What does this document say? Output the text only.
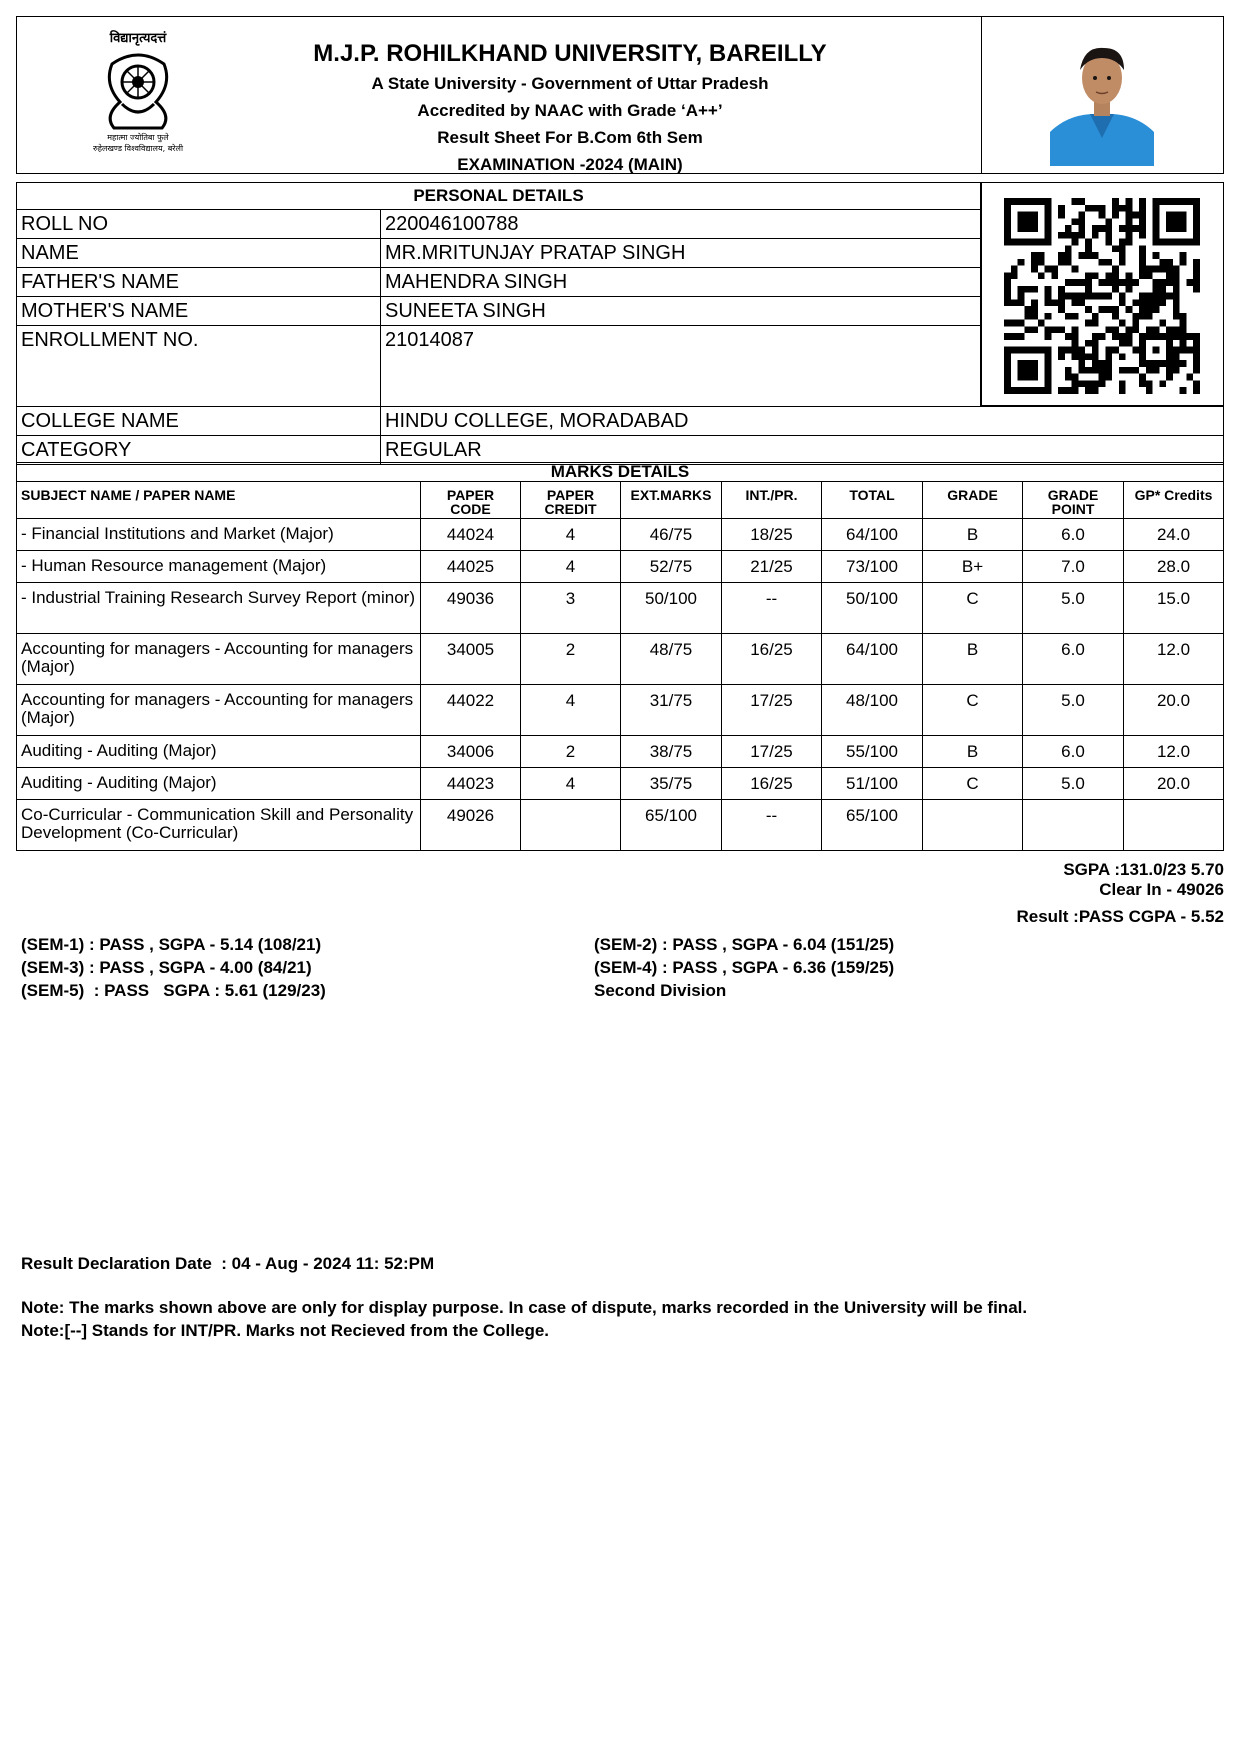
विद्यानृत्यदत्तं
महात्मा ज्योतिबा फुले
रुहेलखण्ड विश्वविद्यालय, बरेली
M.J.P. ROHILKHAND UNIVERSITY, BAREILLY
A State University - Government of Uttar Pradesh
Accredited by NAAC with Grade ‘A++’
Result Sheet For B.Com 6th Sem
EXAMINATION -2024 (MAIN)
PERSONAL DETAILS	
ROLL NO	220046100788
NAME	MR.MRITUNJAY PRATAP SINGH
FATHER'S NAME	MAHENDRA SINGH
MOTHER'S NAME	SUNEETA SINGH
ENROLLMENT NO.	21014087
COLLEGE NAME	HINDU COLLEGE, MORADABAD
CATEGORY	REGULAR
MARKS DETAILS								
SUBJECT NAME / PAPER NAME	PAPER CODE	PAPER CREDIT	EXT.MARKS	INT./PR.	TOTAL	GRADE	GRADE POINT	GP* Credits
- Financial Institutions and Market (Major)	44024	4	46/75	18/25	64/100	B	6.0	24.0
- Human Resource management (Major)	44025	4	52/75	21/25	73/100	B+	7.0	28.0
- Industrial Training Research Survey Report (minor)	49036	3	50/100	--	50/100	C	5.0	15.0
Accounting for managers - Accounting for managers (Major)	34005	2	48/75	16/25	64/100	B	6.0	12.0
Accounting for managers - Accounting for managers (Major)	44022	4	31/75	17/25	48/100	C	5.0	20.0
Auditing - Auditing (Major)	34006	2	38/75	17/25	55/100	B	6.0	12.0
Auditing - Auditing (Major)	44023	4	35/75	16/25	51/100	C	5.0	20.0
Co-Curricular - Communication Skill and Personality Development (Co-Curricular)	49026		65/100	--	65/100			
SGPA :131.0/23 5.70
Clear In - 49026
Result :PASS CGPA - 5.52
(SEM-1) : PASS , SGPA - 5.14 (108/21)	(SEM-2) : PASS , SGPA - 6.04 (151/25)
(SEM-3) : PASS , SGPA - 4.00 (84/21)	(SEM-4) : PASS , SGPA - 6.36 (159/25)
(SEM-5)  : PASS   SGPA : 5.61 (129/23)	Second Division
Result Declaration Date  : 04 - Aug - 2024 11: 52:PM
Note: The marks shown above are only for display purpose. In case of dispute, marks recorded in the University will be final.
Note:[--] Stands for INT/PR. Marks not Recieved from the College.
